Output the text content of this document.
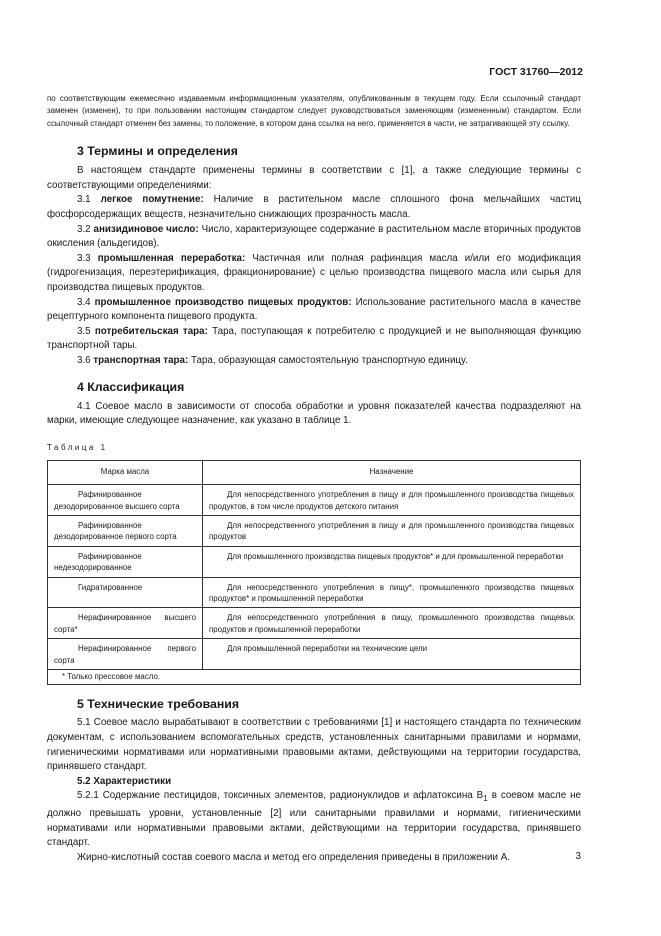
ГОСТ 31760—2012

по соответствующим ежемесячно издаваемым информационным указателям, опубликованным в текущем году. Если ссылочный стандарт заменен (изменен), то при пользовании настоящим стандартом следует руководствоваться заменяющим (измененным) стандартом. Если ссылочный стандарт отменен без замены, то положение, в котором дана ссылка на него, применяется в части, не затрагивающей эту ссылку.

3 Термины и определения

В настоящем стандарте применены термины в соответствии с [1], а также следующие термины с соответствующими определениями:

3.1 легкое помутнение: Наличие в растительном масле сплошного фона мельчайших частиц фосфорсодержащих веществ, незначительно снижающих прозрачность масла.

3.2 анизидиновое число: Число, характеризующее содержание в растительном масле вторичных продуктов окисления (альдегидов).

3.3 промышленная переработка: Частичная или полная рафинация масла и/или его модификация (гидрогенизация, переэтерификация, фракционирование) с целью производства пищевого масла или сырья для производства пищевых продуктов.

3.4 промышленное производство пищевых продуктов: Использование растительного масла в качестве рецептурного компонента пищевого продукта.

3.5 потребительская тара: Тара, поступающая к потребителю с продукцией и не выполняющая функцию транспортной тары.

3.6 транспортная тара: Тара, образующая самостоятельную транспортную единицу.

4 Классификация

4.1 Соевое масло в зависимости от способа обработки и уровня показателей качества подразделяют на марки, имеющие следующее назначение, как указано в таблице 1.

Таблица 1
Марка масла	Назначение
Рафинированное дезодорированное высшего сорта	Для непосредственного употребления в пищу и для промышленного производства пищевых продуктов, в том числе продуктов детского питания
Рафинированное дезодорированное первого сорта	Для непосредственного употребления в пищу и для промышленного производства пищевых продуктов
Рафинированное недезодорированное	Для промышленного производства пищевых продуктов* и для промышленной переработки
Гидратированное	Для непосредственного употребления в пищу*, промышленного производства пищевых продуктов* и промышленной переработки
Нерафинированное высшего сорта*	Для непосредственного употребления в пищу, промышленного производства пищевых продуктов и промышленной переработки
Нерафинированное первого сорта	Для промышленной переработки на технические цели
* Только прессовое масло.	
5 Технические требования

5.1 Соевое масло вырабатывают в соответствии с требованиями [1] и настоящего стандарта по техническим документам, с использованием вспомогательных средств, установленных санитарными правилами и нормами, гигиеническими нормативами или нормативными правовыми актами, действующими на территории государства, принявшего стандарт.

5.2 Характеристики

5.2.1 Содержание пестицидов, токсичных элементов, радионуклидов и афлатоксина $B_1$ в соевом масле не должно превышать уровни, установленные [2] или санитарными правилами и нормами, гигиеническими нормативами или нормативными правовыми актами, действующими на территории государства, принявшего стандарт.

Жирно-кислотный состав соевого масла и метод его определения приведены в приложении А.	3
